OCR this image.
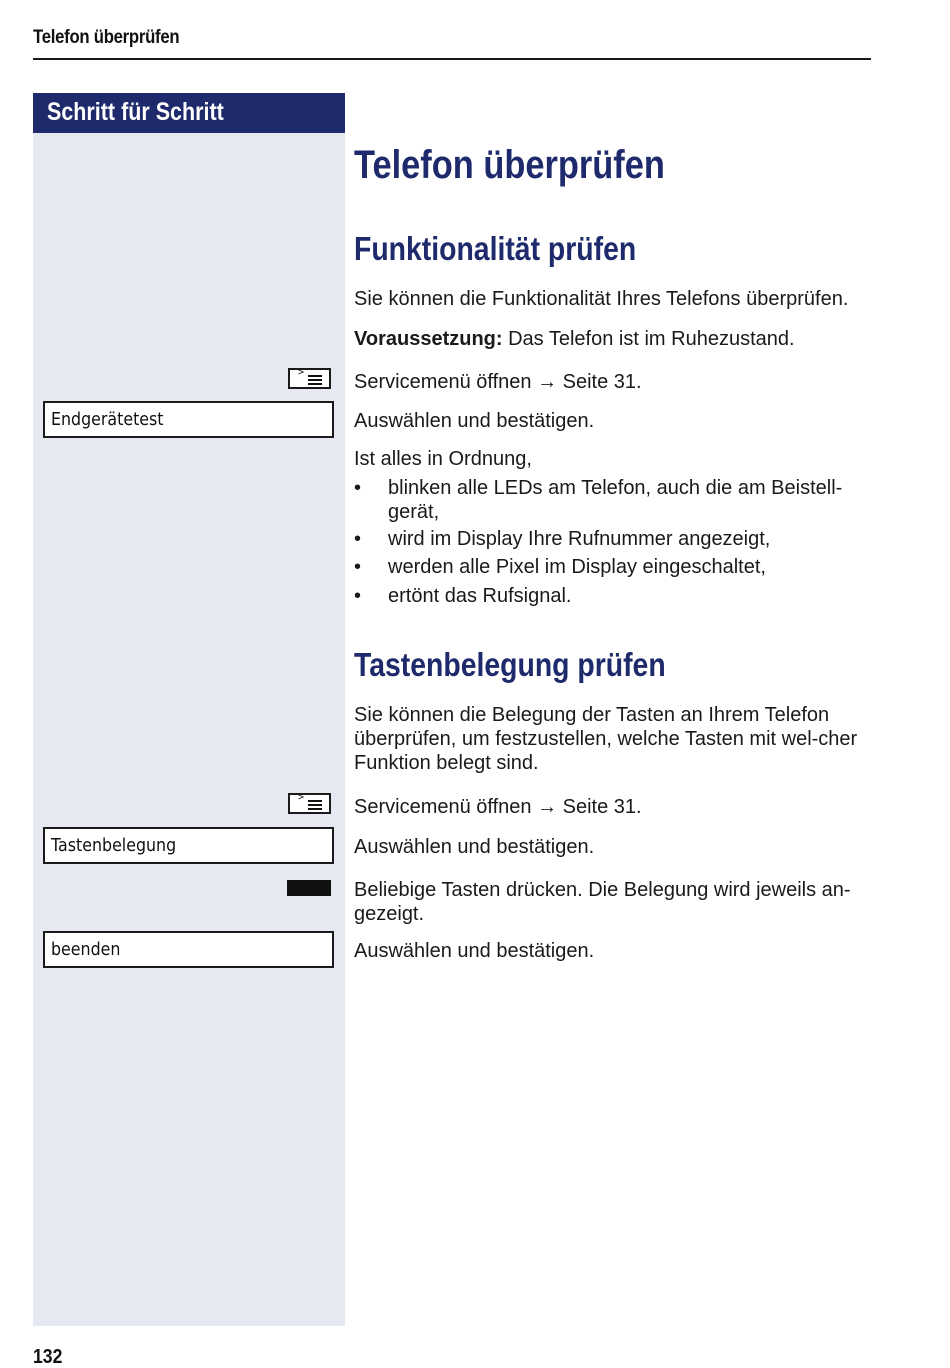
Telefon überprüfen
Schritt für Schritt
>
Endgerätetest
>
Tastenbelegung
beenden
Telefon überprüfen
Funktionalität prüfen
Sie können die Funktionalität Ihres Telefons überprüfen.
Voraussetzung: Das Telefon ist im Ruhezustand.
Servicemenü öffnen → Seite 31.
Auswählen und bestätigen.
Ist alles in Ordnung,
• blinken alle LEDs am Telefon, auch die am Beistell-gerät,
• wird im Display Ihre Rufnummer angezeigt,
• werden alle Pixel im Display eingeschaltet,
• ertönt das Rufsignal.
Tastenbelegung prüfen
Sie können die Belegung der Tasten an Ihrem Telefon überprüfen, um festzustellen, welche Tasten mit wel-cher Funktion belegt sind.
Servicemenü öffnen → Seite 31.
Auswählen und bestätigen.
Beliebige Tasten drücken. Die Belegung wird jeweils an-gezeigt.
Auswählen und bestätigen.
132
